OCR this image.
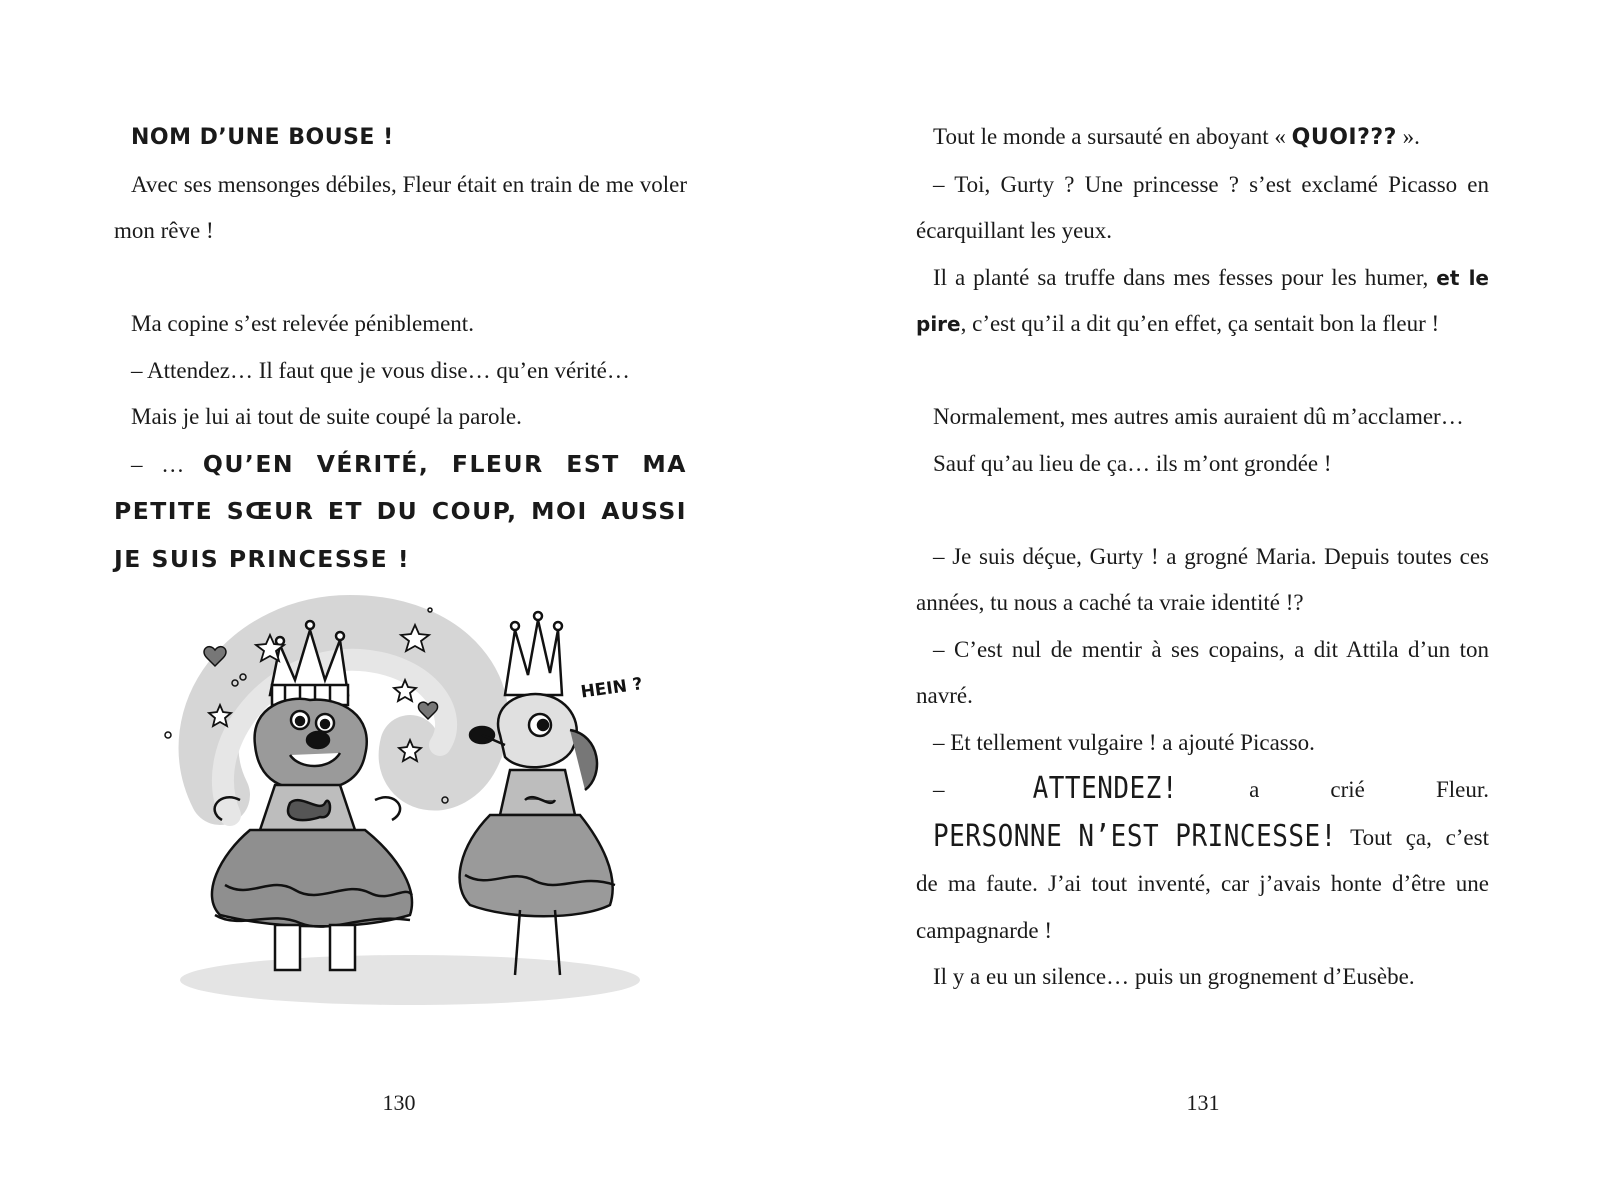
NOM D’UNE BOUSE !

Avec ses mensonges débiles, Fleur était en train de me voler mon rêve !

Ma copine s’est relevée péniblement.

– Attendez… Il faut que je vous dise… qu’en vérité…

Mais je lui ai tout de suite coupé la parole.

– … QU’EN VÉRITÉ, FLEUR EST MA PETITE SŒUR ET DU COUP, MOI AUSSI JE SUIS PRINCESSE !

HEIN ?
130

Tout le monde a sursauté en aboyant « QUOI??? ».

– Toi, Gurty ? Une princesse ? s’est exclamé Picasso en écarquillant les yeux.

Il a planté sa truffe dans mes fesses pour les humer, et le pire, c’est qu’il a dit qu’en effet, ça sentait bon la fleur !

Normalement, mes autres amis auraient dû m’acclamer…

Sauf qu’au lieu de ça… ils m’ont grondée !

– Je suis déçue, Gurty ! a grogné Maria. Depuis toutes ces années, tu nous a caché ta vraie identité !?

– C’est nul de mentir à ses copains, a dit Attila d’un ton navré.

– Et tellement vulgaire ! a ajouté Picasso.

– ATTENDEZ! a crié Fleur. PERSONNE N’EST PRINCESSE! Tout ça, c’est de ma faute. J’ai tout inventé, car j’avais honte d’être une campagnarde !

Il y a eu un silence… puis un grognement d’Eusèbe.

131
